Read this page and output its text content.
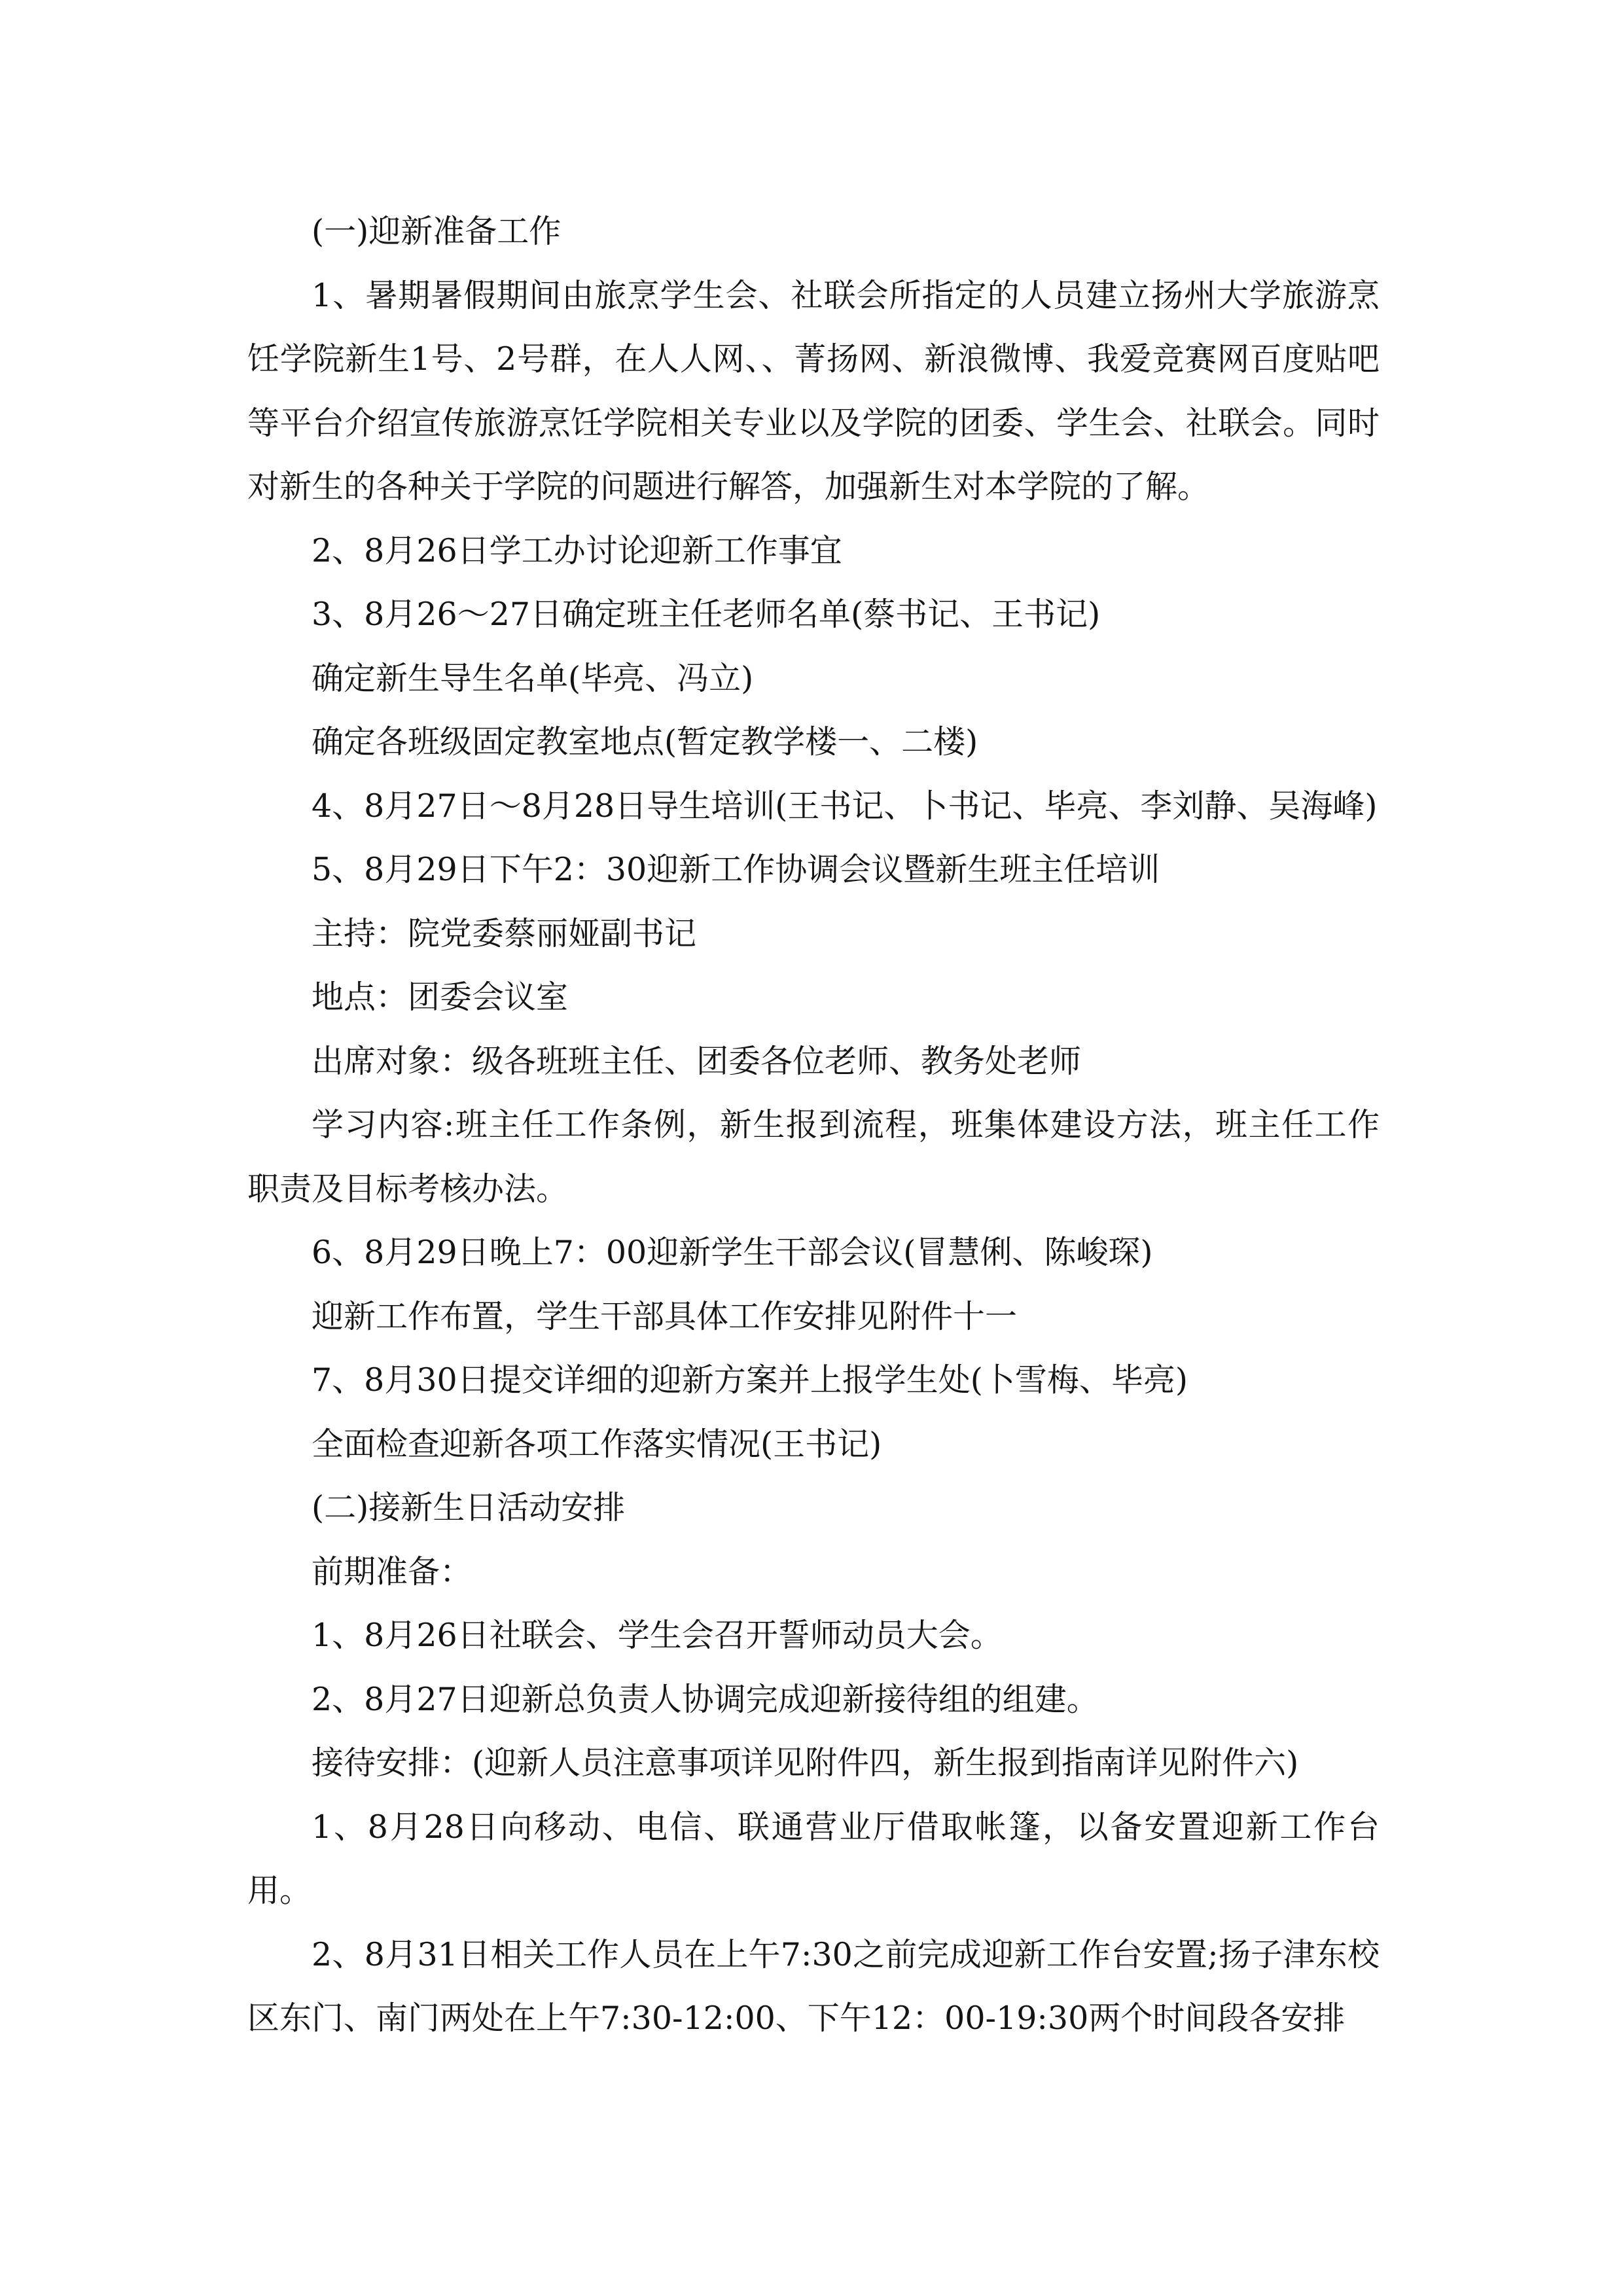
(一)迎新准备工作

1、暑期暑假期间由旅烹学生会、社联会所指定的人员建立扬州大学旅游烹饪学院新生1号、2号群，在人人网、、菁扬网、新浪微博、我爱竞赛网百度贴吧等平台介绍宣传旅游烹饪学院相关专业以及学院的团委、学生会、社联会。同时对新生的各种关于学院的问题进行解答，加强新生对本学院的了解。

2、8月26日学工办讨论迎新工作事宜

3、8月26～27日确定班主任老师名单(蔡书记、王书记)

确定新生导生名单(毕亮、冯立)

确定各班级固定教室地点(暂定教学楼一、二楼)

4、8月27日～8月28日导生培训(王书记、卜书记、毕亮、李刘静、吴海峰)

5、8月29日下午2：30迎新工作协调会议暨新生班主任培训

主持：院党委蔡丽娅副书记

地点：团委会议室

出席对象：级各班班主任、团委各位老师、教务处老师

学习内容:班主任工作条例，新生报到流程，班集体建设方法，班主任工作职责及目标考核办法。

6、8月29日晚上7：00迎新学生干部会议(冒慧俐、陈峻琛)

迎新工作布置，学生干部具体工作安排见附件十一

7、8月30日提交详细的迎新方案并上报学生处(卜雪梅、毕亮)

全面检查迎新各项工作落实情况(王书记)

(二)接新生日活动安排

前期准备：

1、8月26日社联会、学生会召开誓师动员大会。

2、8月27日迎新总负责人协调完成迎新接待组的组建。

接待安排：(迎新人员注意事项详见附件四，新生报到指南详见附件六)

1、8月28日向移动、电信、联通营业厅借取帐篷，以备安置迎新工作台用。

2、8月31日相关工作人员在上午7:30之前完成迎新工作台安置;扬子津东校区东门、南门两处在上午7:30-12:00、下午12：00-19:30两个时间段各安排
